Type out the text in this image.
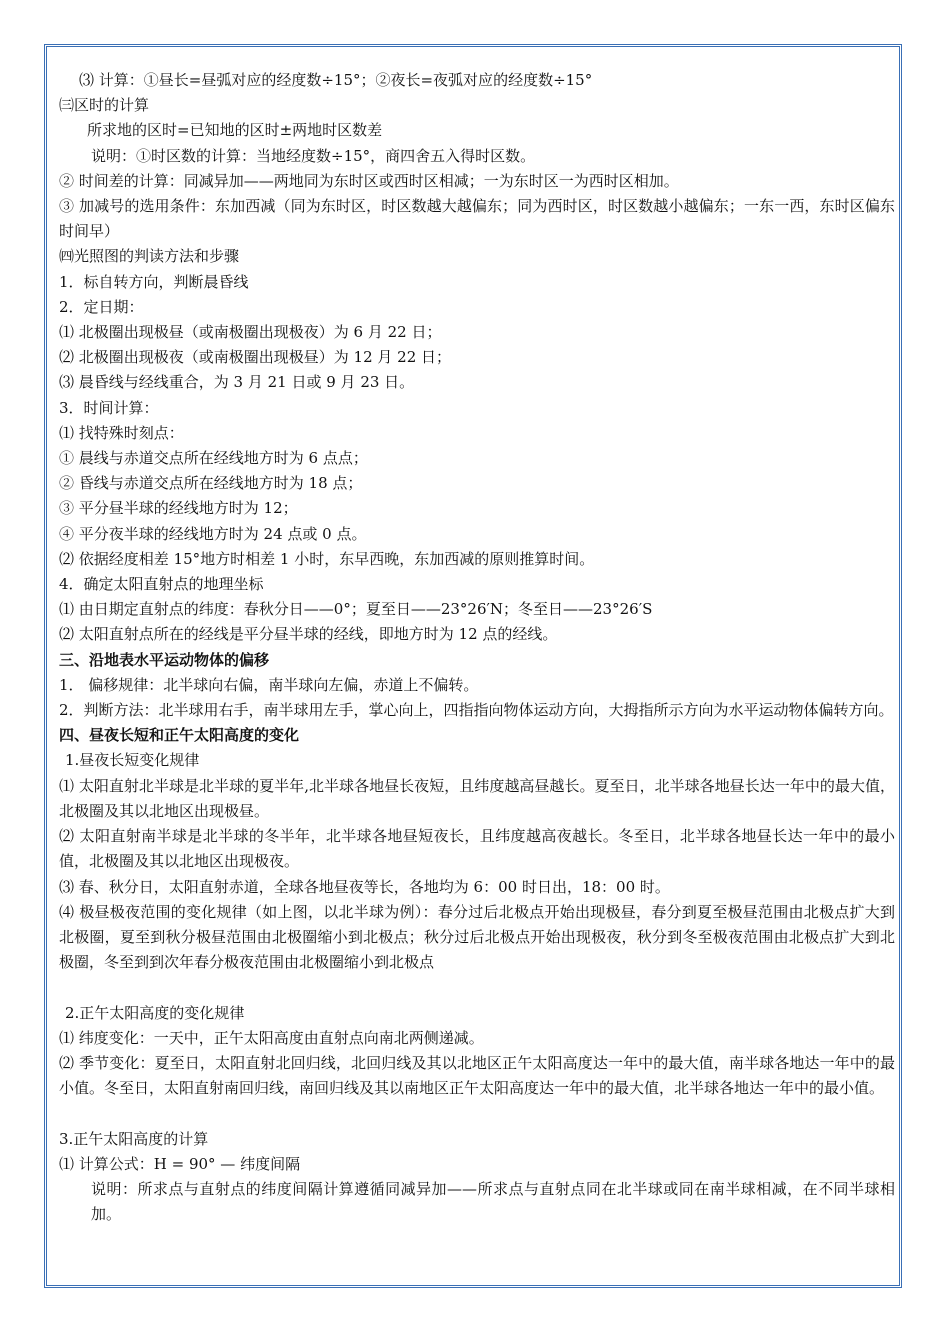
⑶ 计算：①昼长=昼弧对应的经度数÷15°；②夜长=夜弧对应的经度数÷15°

㈢区时的计算

所求地的区时=已知地的区时±两地时区数差

说明：①时区数的计算：当地经度数÷15°，商四舍五入得时区数。

② 时间差的计算：同减异加——两地同为东时区或西时区相减；一为东时区一为西时区相加。

③ 加减号的选用条件：东加西减（同为东时区，时区数越大越偏东；同为西时区，时区数越小越偏东；一东一西，东时区偏东时间早）

㈣光照图的判读方法和步骤

1．标自转方向，判断晨昏线

2．定日期：

⑴ 北极圈出现极昼（或南极圈出现极夜）为 6 月 22 日；

⑵ 北极圈出现极夜（或南极圈出现极昼）为 12 月 22 日；

⑶ 晨昏线与经线重合，为 3 月 21 日或 9 月 23 日。

3．时间计算：

⑴ 找特殊时刻点：

① 晨线与赤道交点所在经线地方时为 6 点点；

② 昏线与赤道交点所在经线地方时为 18 点；

③ 平分昼半球的经线地方时为 12；

④ 平分夜半球的经线地方时为 24 点或 0 点。

⑵ 依据经度相差 15°地方时相差 1 小时，东早西晚，东加西减的原则推算时间。

4．确定太阳直射点的地理坐标

⑴ 由日期定直射点的纬度：春秋分日——0°；夏至日——23°26′N；冬至日——23°26′S

⑵ 太阳直射点所在的经线是平分昼半球的经线，即地方时为 12 点的经线。

三、沿地表水平运动物体的偏移

1． 偏移规律：北半球向右偏，南半球向左偏，赤道上不偏转。

2．判断方法：北半球用右手，南半球用左手，掌心向上，四指指向物体运动方向，大拇指所示方向为水平运动物体偏转方向。

四、昼夜长短和正午太阳高度的变化

1.昼夜长短变化规律

⑴ 太阳直射北半球是北半球的夏半年,北半球各地昼长夜短，且纬度越高昼越长。夏至日，北半球各地昼长达一年中的最大值，北极圈及其以北地区出现极昼。

⑵ 太阳直射南半球是北半球的冬半年，北半球各地昼短夜长，且纬度越高夜越长。冬至日，北半球各地昼长达一年中的最小值，北极圈及其以北地区出现极夜。

⑶ 春、秋分日，太阳直射赤道，全球各地昼夜等长，各地均为 6：00 时日出，18：00 时。

⑷ 极昼极夜范围的变化规律（如上图，以北半球为例）：春分过后北极点开始出现极昼，春分到夏至极昼范围由北极点扩大到北极圈，夏至到秋分极昼范围由北极圈缩小到北极点；秋分过后北极点开始出现极夜，秋分到冬至极夜范围由北极点扩大到北极圈，冬至到到次年春分极夜范围由北极圈缩小到北极点

2.正午太阳高度的变化规律

⑴ 纬度变化：一天中，正午太阳高度由直射点向南北两侧递减。

⑵ 季节变化：夏至日，太阳直射北回归线，北回归线及其以北地区正午太阳高度达一年中的最大值，南半球各地达一年中的最小值。冬至日，太阳直射南回归线，南回归线及其以南地区正午太阳高度达一年中的最大值，北半球各地达一年中的最小值。

3.正午太阳高度的计算

⑴ 计算公式：H = 90° — 纬度间隔

说明：所求点与直射点的纬度间隔计算遵循同减异加——所求点与直射点同在北半球或同在南半球相减，在不同半球相加。
